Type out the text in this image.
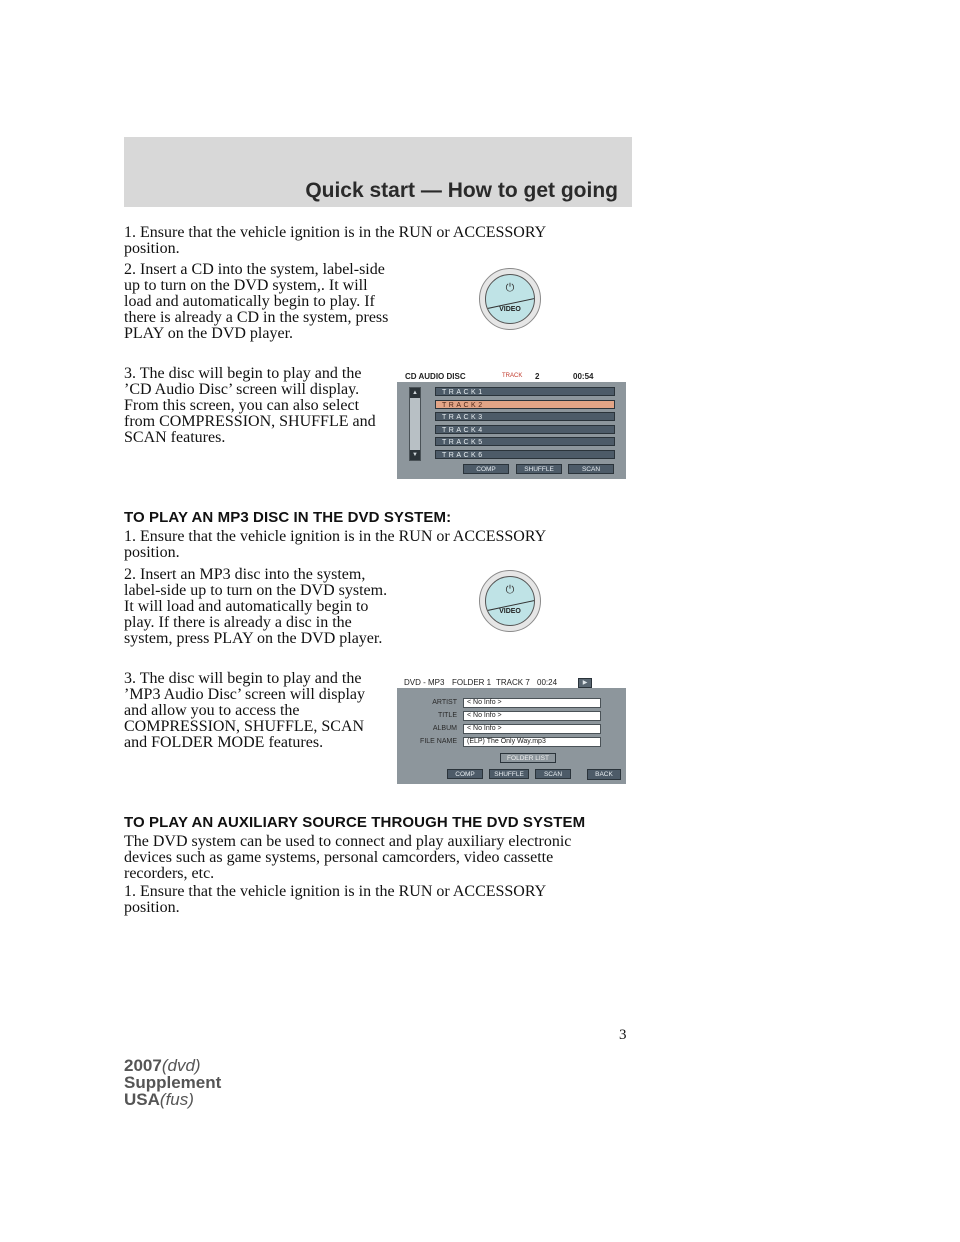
Quick start — How to get going

1. Ensure that the vehicle ignition is in the RUN or ACCESSORY position.

2. Insert a CD into the system, label-side up to turn on the DVD system,. It will load and automatically begin to play. If there is already a CD in the system, press PLAY on the DVD player.

3. The disc will begin to play and the ’CD Audio Disc’ screen will display. From this screen, you can also select from COMPRESSION, SHUFFLE and SCAN features.

⏻
VIDEO
CD AUDIO DISC	TRACK 2	00:54
▲
▼
TRACK1
TRACK2
TRACK3
TRACK4
TRACK5
TRACK6
COMP	SHUFFLE	SCAN
TO PLAY AN MP3 DISC IN THE DVD SYSTEM:

1. Ensure that the vehicle ignition is in the RUN or ACCESSORY position.

2. Insert an MP3 disc into the system, label-side up to turn on the DVD system. It will load and automatically begin to play. If there is already a disc in the system, press PLAY on the DVD player.

3. The disc will begin to play and the ’MP3 Audio Disc’ screen will display and allow you to access the COMPRESSION, SHUFFLE, SCAN and FOLDER MODE features.

⏻
VIDEO
DVD - MP3 FOLDER 1 TRACK 7 00:24	▶
ARTIST	< No Info >
TITLE	< No Info >
ALBUM	< No Info >
FILE NAME	(ELP) The Only Way.mp3
FOLDER LIST
COMP	SHUFFLE	SCAN	BACK
TO PLAY AN AUXILIARY SOURCE THROUGH THE DVD SYSTEM

The DVD system can be used to connect and play auxiliary electronic devices such as game systems, personal camcorders, video cassette recorders, etc.

1. Ensure that the vehicle ignition is in the RUN or ACCESSORY position.

3
2007(dvd)
Supplement
USA(fus)
